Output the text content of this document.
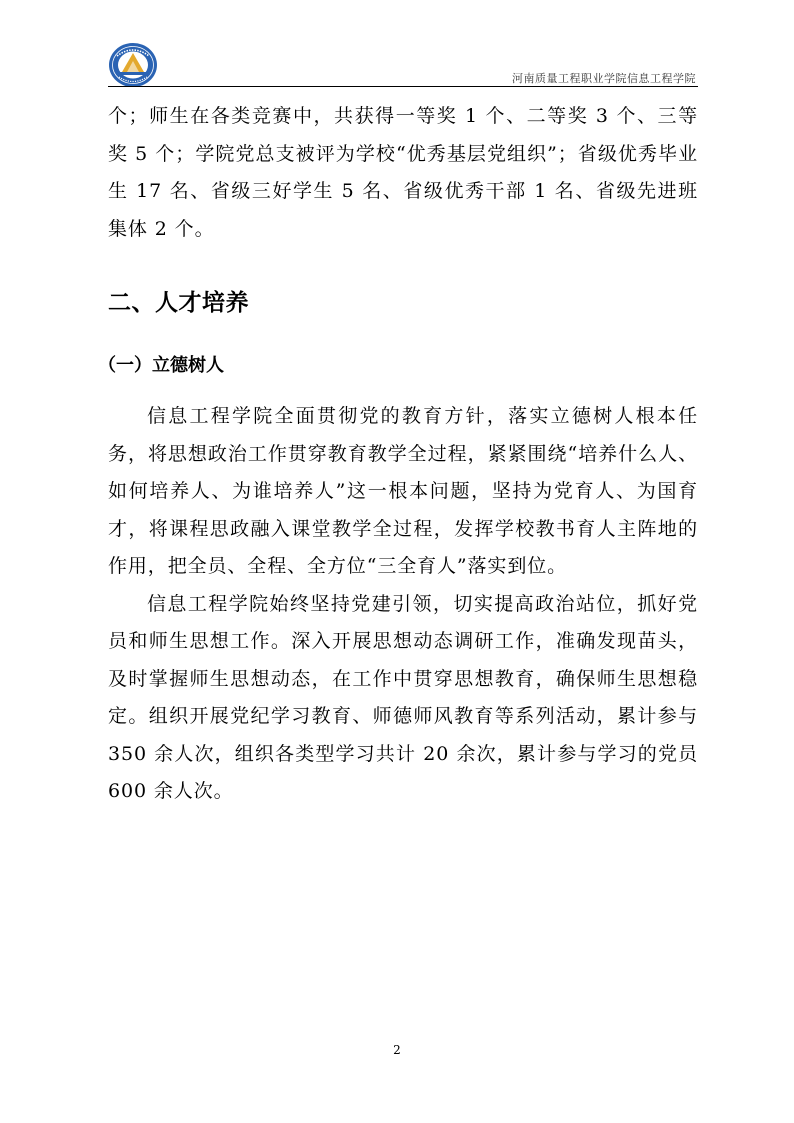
河南质量工程职业学院信息工程学院

个；师生在各类竞赛中，共获得一等奖 1 个、二等奖 3 个、三等奖 5 个；学院党总支被评为学校“优秀基层党组织”；省级优秀毕业生 17 名、省级三好学生 5 名、省级优秀干部 1 名、省级先进班集体 2 个。

二、人才培养
（一）立德树人

信息工程学院全面贯彻党的教育方针，落实立德树人根本任务，将思想政治工作贯穿教育教学全过程，紧紧围绕“培养什么人、如何培养人、为谁培养人”这一根本问题，坚持为党育人、为国育才，将课程思政融入课堂教学全过程，发挥学校教书育人主阵地的作用，把全员、全程、全方位“三全育人”落实到位。

信息工程学院始终坚持党建引领，切实提高政治站位，抓好党员和师生思想工作。深入开展思想动态调研工作，准确发现苗头，及时掌握师生思想动态，在工作中贯穿思想教育，确保师生思想稳定。组织开展党纪学习教育、师德师风教育等系列活动，累计参与 350 余人次，组织各类型学习共计 20 余次，累计参与学习的党员 600 余人次。

2
